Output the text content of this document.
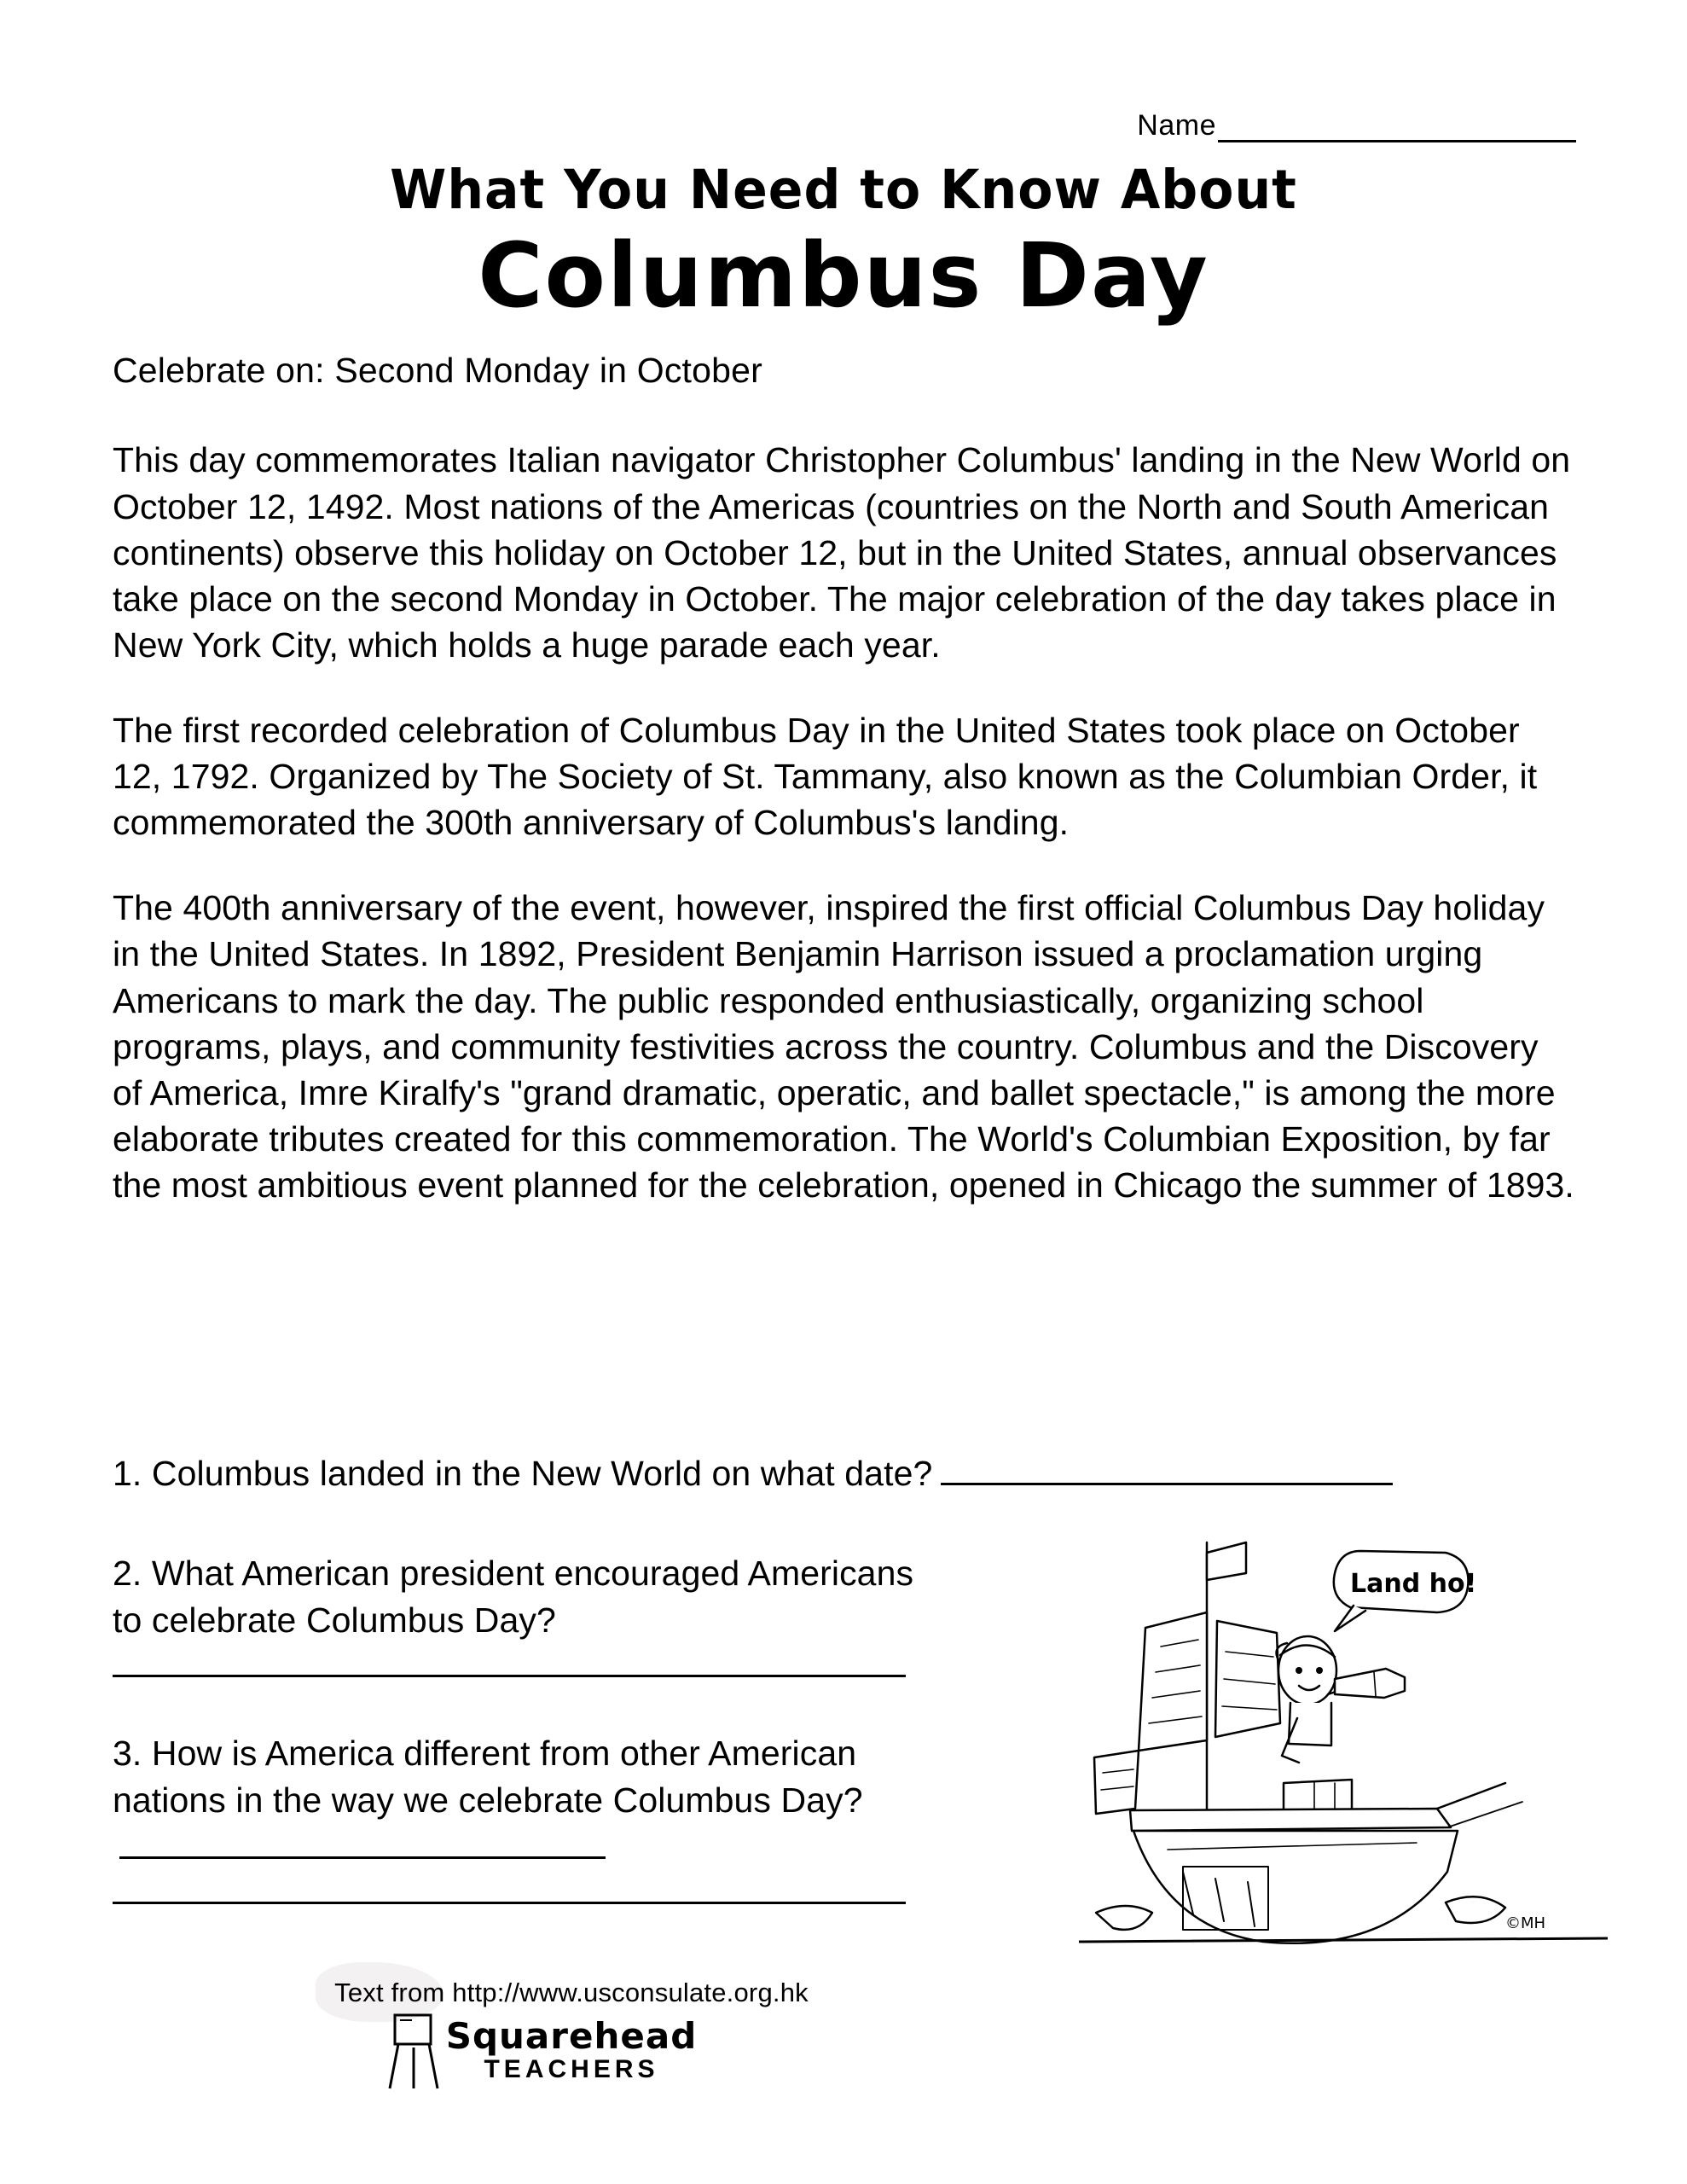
Name
What You Need to Know About
Columbus Day
Celebrate on: Second Monday in October

This day commemorates Italian navigator Christopher Columbus' landing in the New World on October 12, 1492. Most nations of the Americas (countries on the North and South American continents) observe this holiday on October 12, but in the United States, annual observances take place on the second Monday in October. The major celebration of the day takes place in New York City, which holds a huge parade each year.

The first recorded celebration of Columbus Day in the United States took place on October 12, 1792. Organized by The Society of St. Tammany, also known as the Columbian Order, it commemorated the 300th anniversary of Columbus's landing.

The 400th anniversary of the event, however, inspired the first official Columbus Day holiday in the United States. In 1892, President Benjamin Harrison issued a proclamation urging Americans to mark the day. The public responded enthusiastically, organizing school programs, plays, and community festivities across the country. Columbus and the Discovery of America, Imre Kiralfy's "grand dramatic, operatic, and ballet spectacle," is among the more elaborate tributes created for this commemoration. The World's Columbian Exposition, by far the most ambitious event planned for the celebration, opened in Chicago the summer of 1893.

1. Columbus landed in the New World on what date?
2. What American president encouraged Americans to celebrate Columbus Day?
3. How is America different from other American nations in the way we celebrate Columbus Day?
Text from http://www.usconsulate.org.hk
Squarehead
TEACHERS
Land ho!
©MH
